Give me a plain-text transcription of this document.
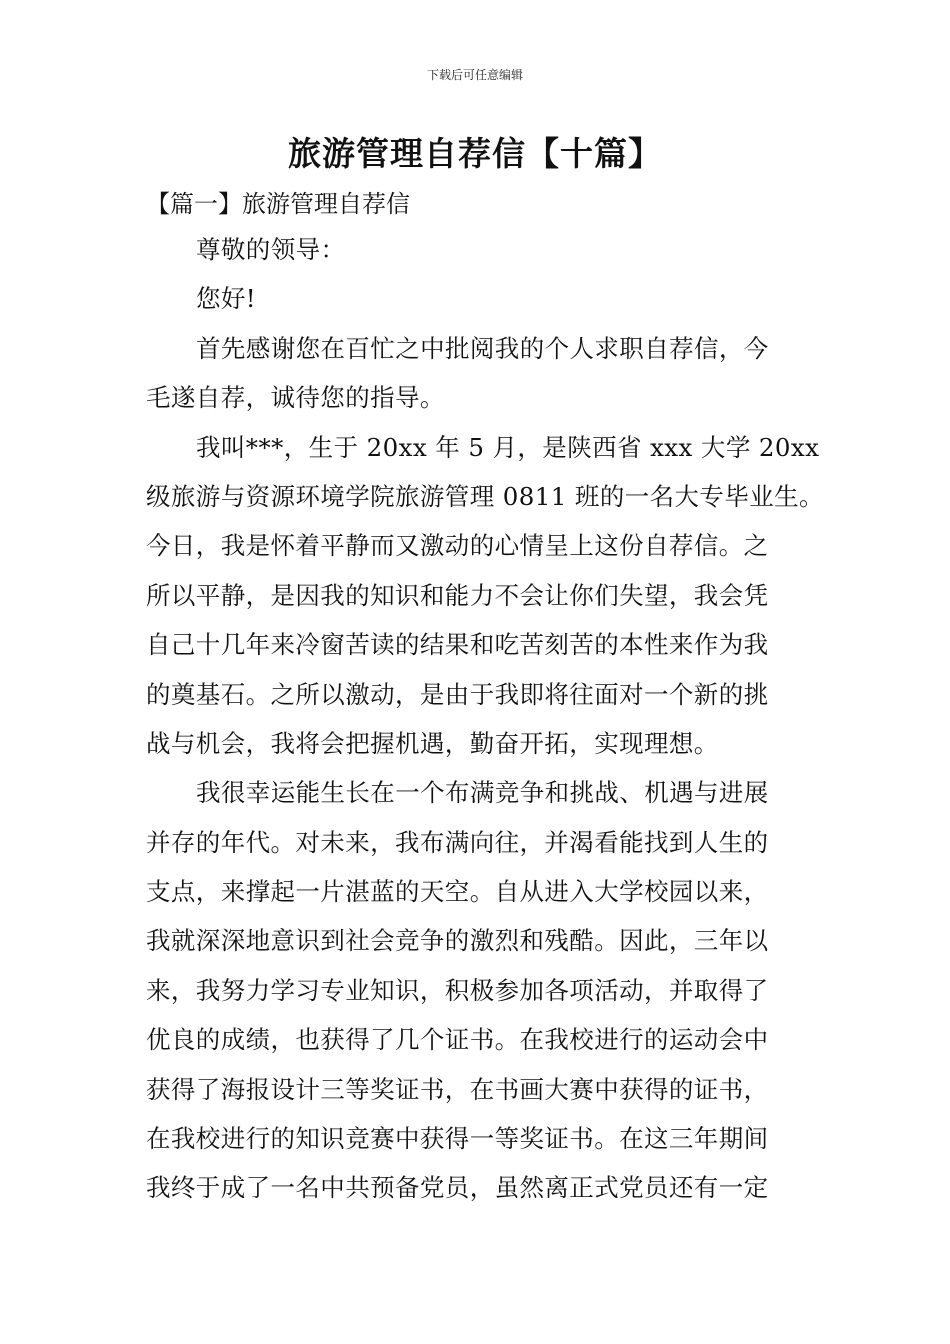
下载后可任意编辑
旅游管理自荐信【十篇】
【篇一】旅游管理自荐信
尊敬的领导：
您好!
首先感谢您在百忙之中批阅我的个人求职自荐信，今
毛遂自荐，诚待您的指导。
我叫***，生于 20xx 年 5 月，是陕西省 xxx 大学 20xx
级旅游与资源环境学院旅游管理 0811 班的一名大专毕业生。
今日，我是怀着平静而又激动的心情呈上这份自荐信。之
所以平静，是因我的知识和能力不会让你们失望，我会凭
自己十几年来冷窗苦读的结果和吃苦刻苦的本性来作为我
的奠基石。之所以激动，是由于我即将往面对一个新的挑
战与机会，我将会把握机遇，勤奋开拓，实现理想。
我很幸运能生长在一个布满竞争和挑战、机遇与进展
并存的年代。对未来，我布满向往，并渴看能找到人生的
支点，来撑起一片湛蓝的天空。自从进入大学校园以来，
我就深深地意识到社会竞争的激烈和残酷。因此，三年以
来，我努力学习专业知识，积极参加各项活动，并取得了
优良的成绩，也获得了几个证书。在我校进行的运动会中
获得了海报设计三等奖证书，在书画大赛中获得的证书，
在我校进行的知识竞赛中获得一等奖证书。在这三年期间
我终于成了一名中共预备党员，虽然离正式党员还有一定
